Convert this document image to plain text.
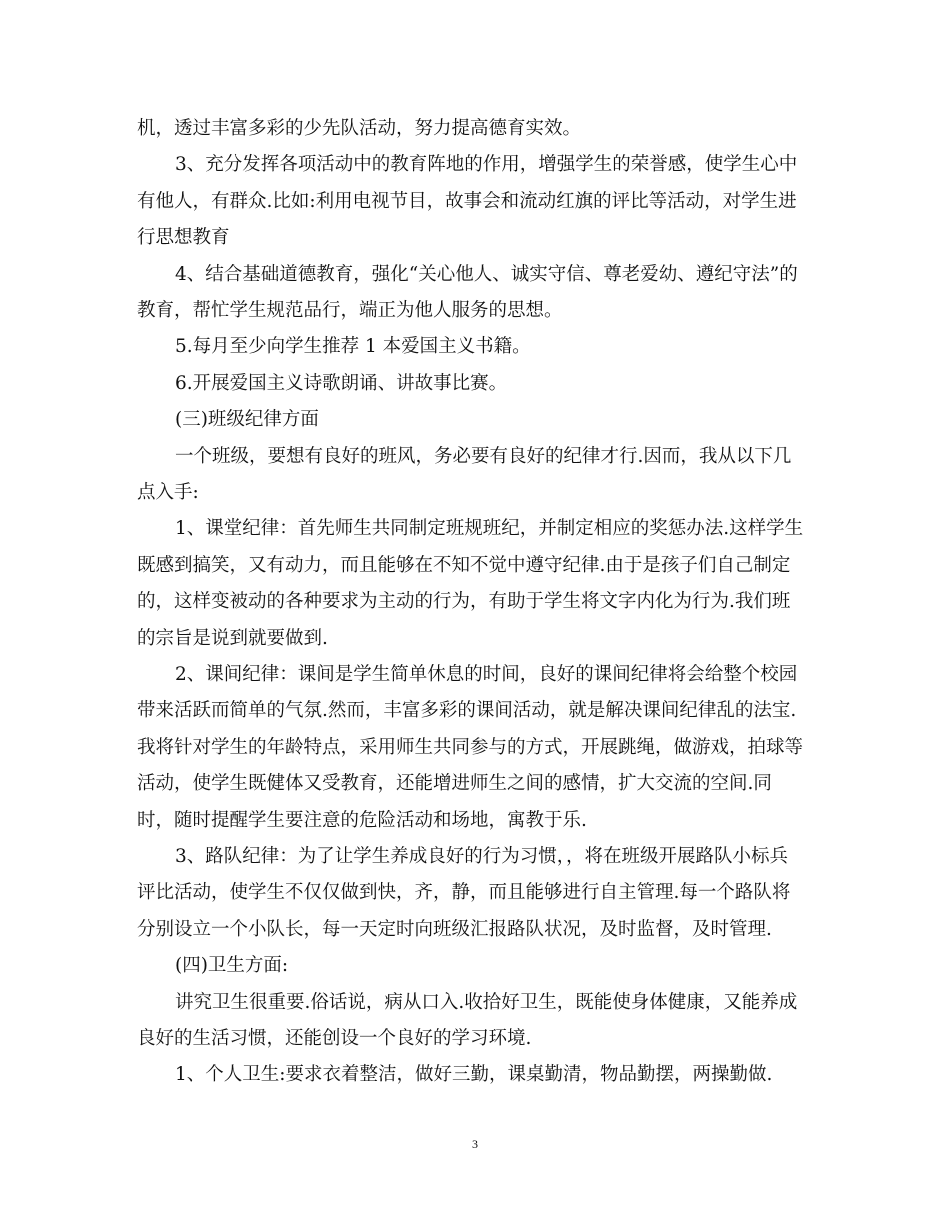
机，透过丰富多彩的少先队活动，努力提高德育实效。
3、充分发挥各项活动中的教育阵地的作用，增强学生的荣誉感，使学生心中
有他人，有群众.比如:利用电视节目，故事会和流动红旗的评比等活动，对学生进
行思想教育
4、结合基础道德教育，强化“关心他人、诚实守信、尊老爱幼、遵纪守法”的
教育，帮忙学生规范品行，端正为他人服务的思想。
5.每月至少向学生推荐 1 本爱国主义书籍。
6.开展爱国主义诗歌朗诵、讲故事比赛。
(三)班级纪律方面
一个班级，要想有良好的班风，务必要有良好的纪律才行.因而，我从以下几
点入手:
1、课堂纪律：首先师生共同制定班规班纪，并制定相应的奖惩办法.这样学生
既感到搞笑，又有动力，而且能够在不知不觉中遵守纪律.由于是孩子们自己制定
的，这样变被动的各种要求为主动的行为，有助于学生将文字内化为行为.我们班
的宗旨是说到就要做到.
2、课间纪律：课间是学生简单休息的时间，良好的课间纪律将会给整个校园
带来活跃而简单的气氛.然而，丰富多彩的课间活动，就是解决课间纪律乱的法宝.
我将针对学生的年龄特点，采用师生共同参与的方式，开展跳绳，做游戏，拍球等
活动，使学生既健体又受教育，还能增进师生之间的感情，扩大交流的空间.同
时，随时提醒学生要注意的危险活动和场地，寓教于乐.
3、路队纪律：为了让学生养成良好的行为习惯，，将在班级开展路队小标兵
评比活动，使学生不仅仅做到快，齐，静，而且能够进行自主管理.每一个路队将
分别设立一个小队长，每一天定时向班级汇报路队状况，及时监督，及时管理.
(四)卫生方面:
讲究卫生很重要.俗话说，病从口入.收拾好卫生，既能使身体健康，又能养成
良好的生活习惯，还能创设一个良好的学习环境.
1、个人卫生:要求衣着整洁，做好三勤，课桌勤清，物品勤摆，两操勤做.
3
